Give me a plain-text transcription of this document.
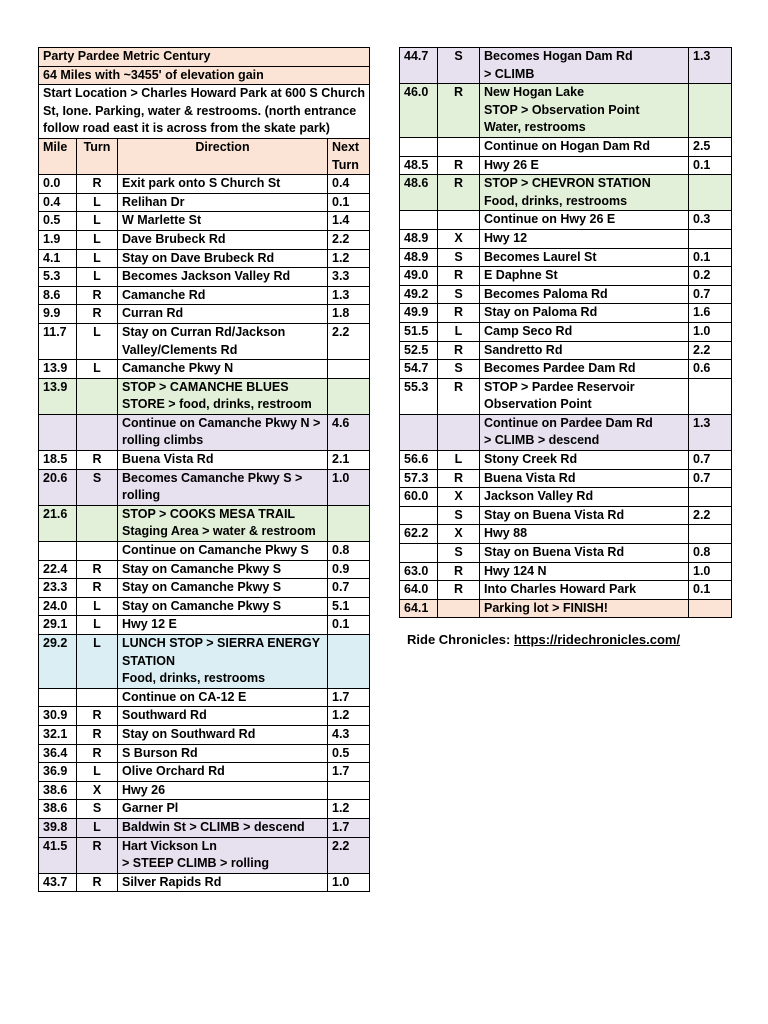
Party Pardee Metric Century			
64 Miles with ~3455' of elevation gain			
Start Location > Charles Howard Park at 600 S Church St, Ione. Parking, water & restrooms. (north entrance follow road east it is across from the skate park)			
Mile	Turn	Direction	Next Turn
0.0	R	Exit park onto S Church St	0.4
0.4	L	Relihan Dr	0.1
0.5	L	W Marlette St	1.4
1.9	L	Dave Brubeck Rd	2.2
4.1	L	Stay on Dave Brubeck Rd	1.2
5.3	L	Becomes Jackson Valley Rd	3.3
8.6	R	Camanche Rd	1.3
9.9	R	Curran Rd	1.8
11.7	L	Stay on Curran Rd/Jackson Valley/Clements Rd	2.2
13.9	L	Camanche Pkwy N	
13.9		STOP > CAMANCHE BLUES STORE > food, drinks, restroom	
		Continue on Camanche Pkwy N > rolling climbs	4.6
18.5	R	Buena Vista Rd	2.1
20.6	S	Becomes Camanche Pkwy S > rolling	1.0
21.6		STOP > COOKS MESA TRAIL Staging Area > water & restroom	
		Continue on Camanche Pkwy S	0.8
22.4	R	Stay on Camanche Pkwy S	0.9
23.3	R	Stay on Camanche Pkwy S	0.7
24.0	L	Stay on Camanche Pkwy S	5.1
29.1	L	Hwy 12 E	0.1
29.2	L	LUNCH STOP > SIERRA ENERGY STATION
Food, drinks, restrooms	
		Continue on CA-12 E	1.7
30.9	R	Southward Rd	1.2
32.1	R	Stay on Southward Rd	4.3
36.4	R	S Burson Rd	0.5
36.9	L	Olive Orchard Rd	1.7
38.6	X	Hwy 26	
38.6	S	Garner Pl	1.2
39.8	L	Baldwin St > CLIMB > descend	1.7
41.5	R	Hart Vickson Ln
> STEEP CLIMB > rolling	2.2
43.7	R	Silver Rapids Rd	1.0
44.7	S	Becomes Hogan Dam Rd
> CLIMB	1.3
46.0	R	New Hogan Lake
STOP > Observation Point
Water, restrooms	
		Continue on Hogan Dam Rd	2.5
48.5	R	Hwy 26 E	0.1
48.6	R	STOP > CHEVRON STATION
Food, drinks, restrooms	
		Continue on Hwy 26 E	0.3
48.9	X	Hwy 12	
48.9	S	Becomes Laurel St	0.1
49.0	R	E Daphne St	0.2
49.2	S	Becomes Paloma Rd	0.7
49.9	R	Stay on Paloma Rd	1.6
51.5	L	Camp Seco Rd	1.0
52.5	R	Sandretto Rd	2.2
54.7	S	Becomes Pardee Dam Rd	0.6
55.3	R	STOP > Pardee Reservoir Observation Point	
		Continue on Pardee Dam Rd
> CLIMB > descend	1.3
56.6	L	Stony Creek Rd	0.7
57.3	R	Buena Vista Rd	0.7
60.0	X	Jackson Valley Rd	
	S	Stay on Buena Vista Rd	2.2
62.2	X	Hwy 88	
	S	Stay on Buena Vista Rd	0.8
63.0	R	Hwy 124 N	1.0
64.0	R	Into Charles Howard Park	0.1
64.1		Parking lot > FINISH!	
Ride Chronicles: https://ridechronicles.com/
